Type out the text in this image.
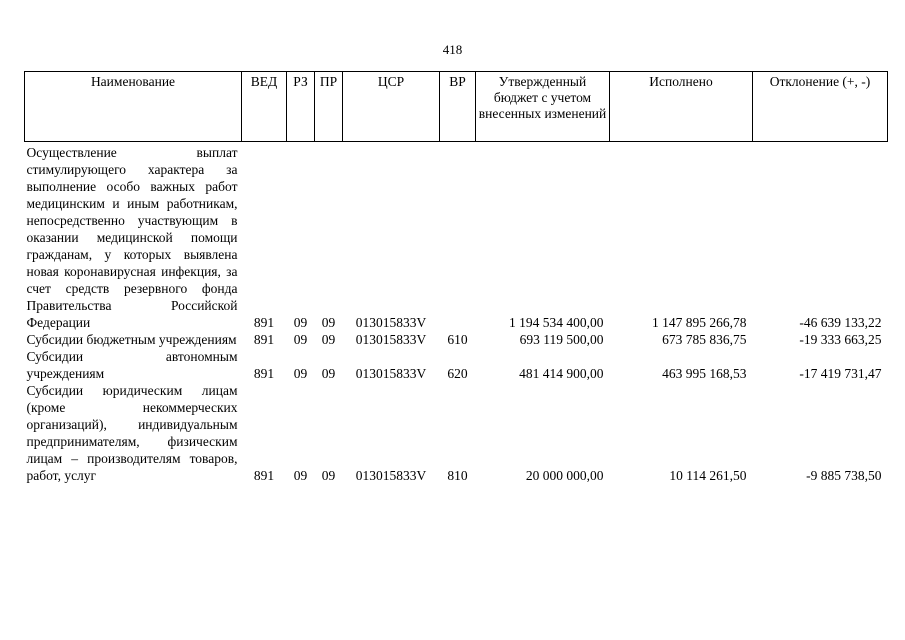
418
Наименование	ВЕД	РЗ	ПР	ЦСР	ВР	Утвержденный бюджет с учетом внесенных изменений	Исполнено	Отклонение (+, -)
Осуществление выплат стимулирующего характера за выполнение особо важных работ медицинским и иным работникам, непосредственно участвующим в оказании медицинской помощи гражданам, у которых выявлена новая коронавирусная инфекция, за счет средств резервного фонда Правительства Российской Федерации	891	09	09	013015833V		1 194 534 400,00	1 147 895 266,78	-46 639 133,22
Субсидии бюджетным учреждениям	891	09	09	013015833V	610	693 119 500,00	673 785 836,75	-19 333 663,25
Субсидии автономным учреждениям	891	09	09	013015833V	620	481 414 900,00	463 995 168,53	-17 419 731,47
Субсидии юридическим лицам (кроме некоммерческих организаций), индивидуальным предпринимателям, физическим лицам – производителям товаров, работ, услуг	891	09	09	013015833V	810	20 000 000,00	10 114 261,50	-9 885 738,50
